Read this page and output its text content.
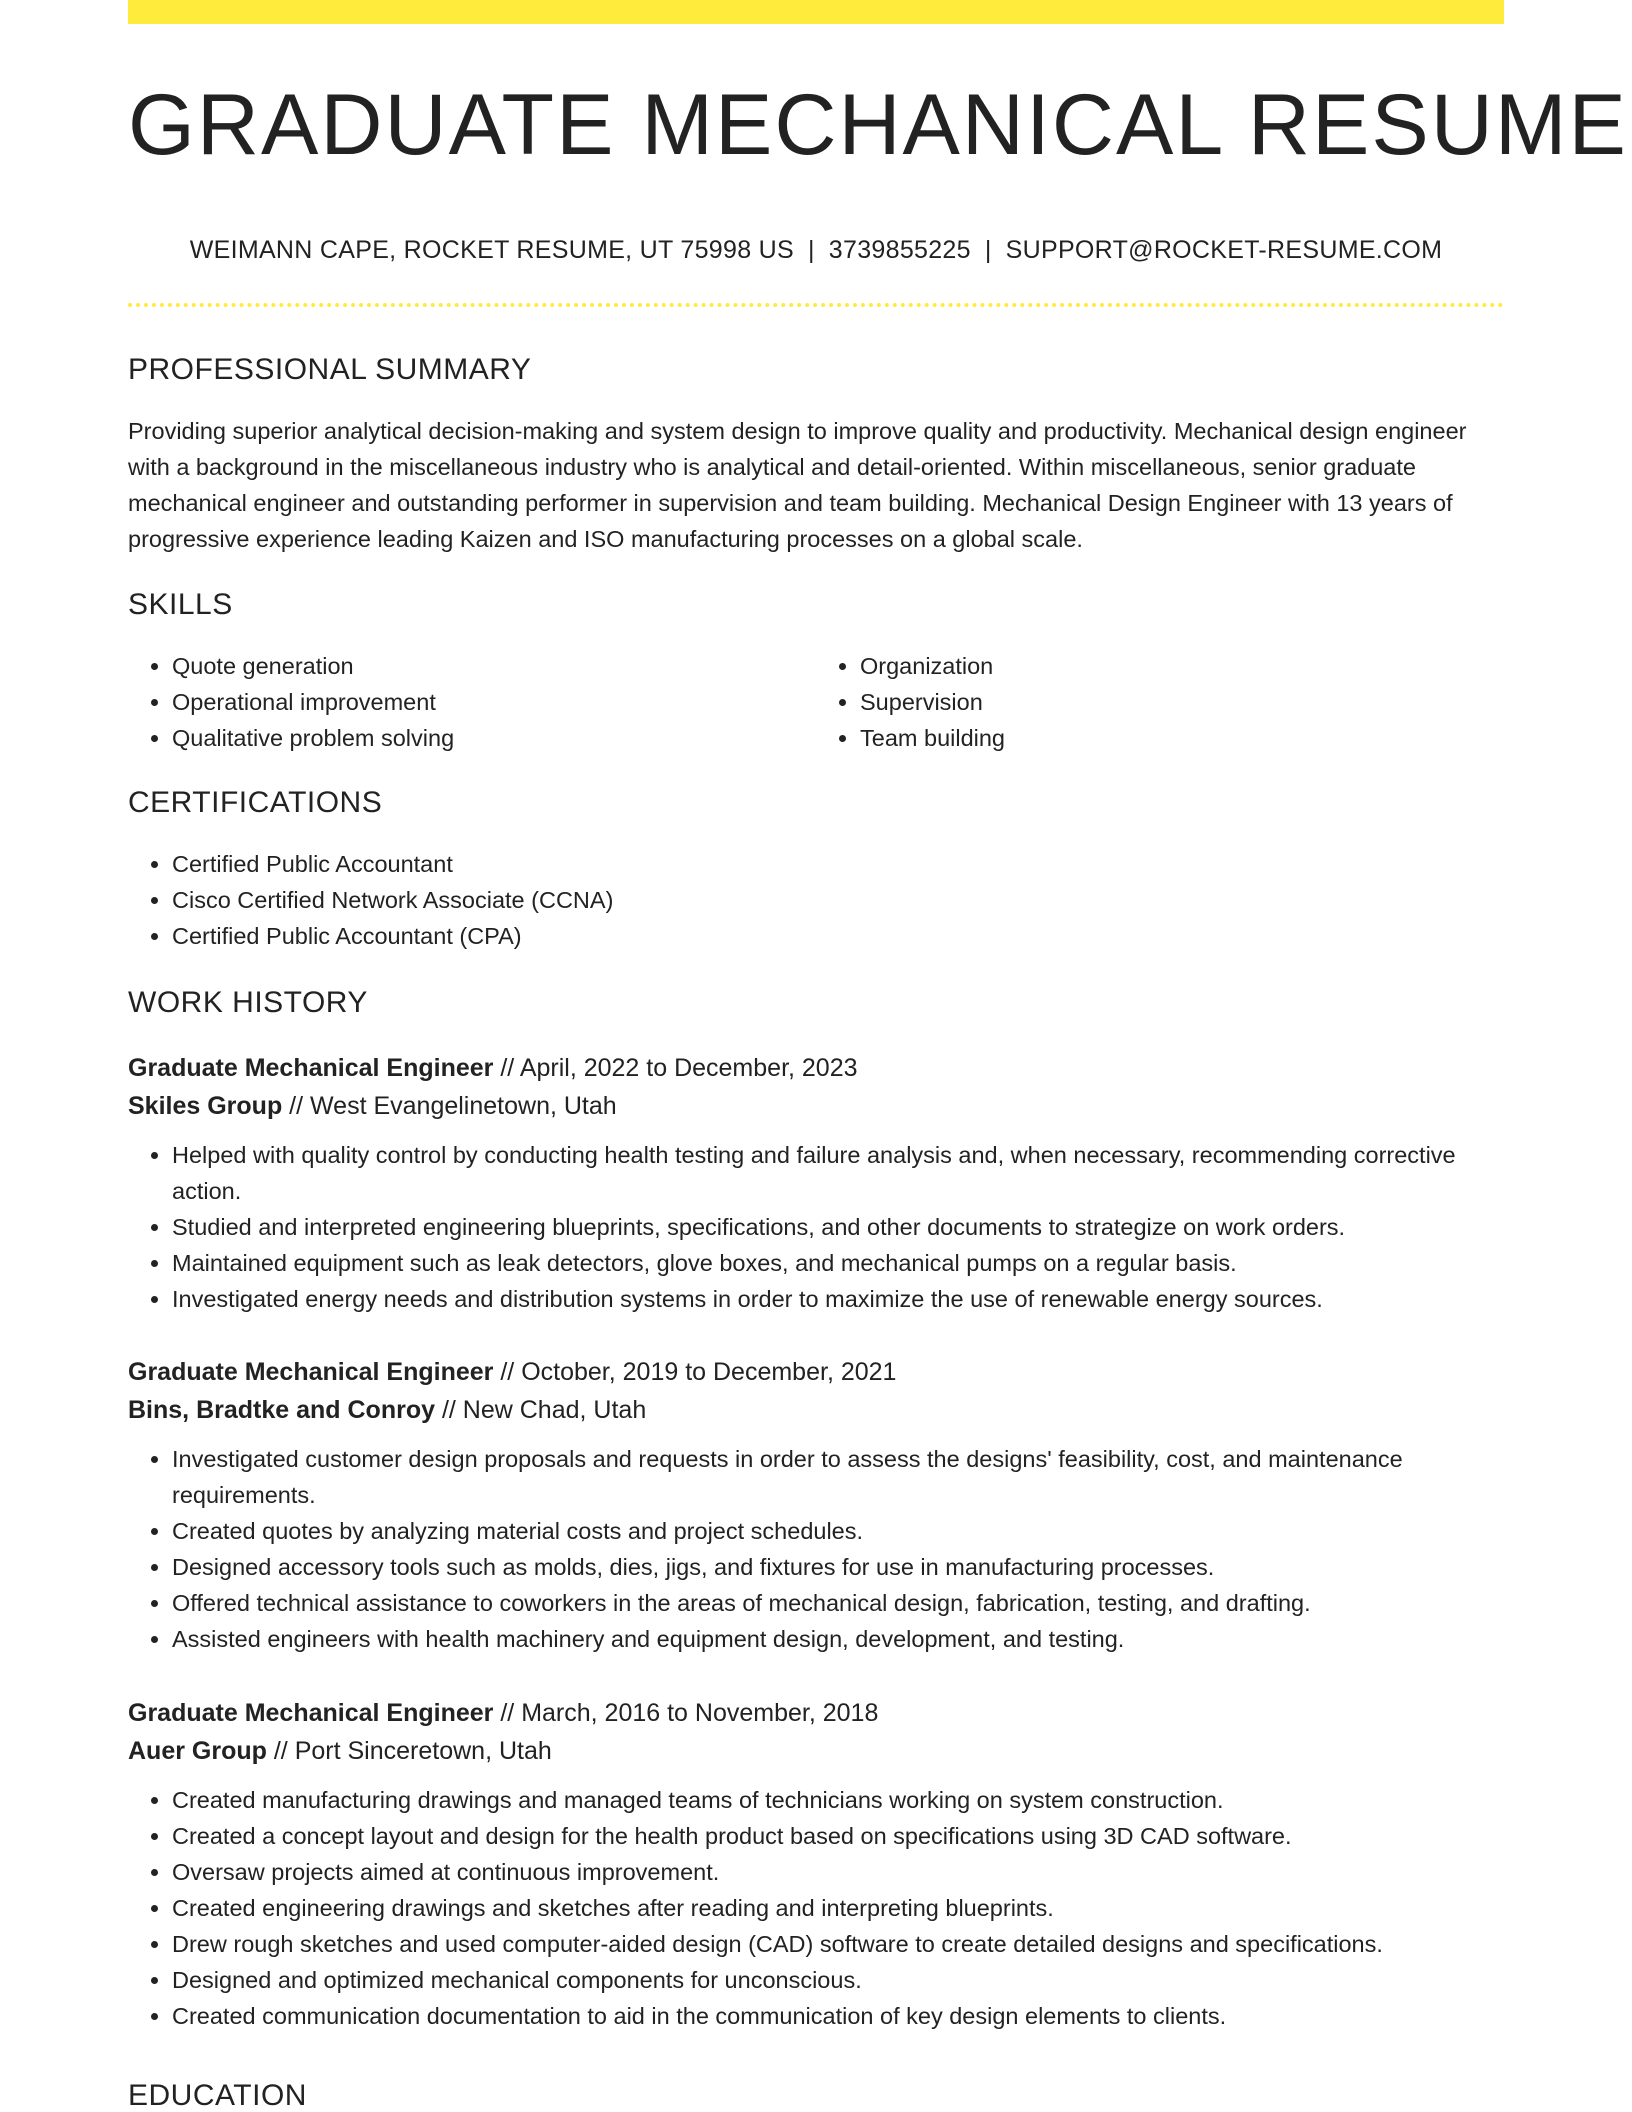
GRADUATE MECHANICAL RESUME
WEIMANN CAPE, ROCKET RESUME, UT 75998 US | 3739855225 | SUPPORT@ROCKET-RESUME.COM
PROFESSIONAL SUMMARY
Providing superior analytical decision-making and system design to improve quality and productivity. Mechanical design engineer with a background in the miscellaneous industry who is analytical and detail-oriented. Within miscellaneous, senior graduate mechanical engineer and outstanding performer in supervision and team building. Mechanical Design Engineer with 13 years of progressive experience leading Kaizen and ISO manufacturing processes on a global scale.
SKILLS
• Quote generation
• Operational improvement
• Qualitative problem solving
• Organization
• Supervision
• Team building
CERTIFICATIONS
• Certified Public Accountant
• Cisco Certified Network Associate (CCNA)
• Certified Public Accountant (CPA)
WORK HISTORY
Graduate Mechanical Engineer // April, 2022 to December, 2023
Skiles Group // West Evangelinetown, Utah
• Helped with quality control by conducting health testing and failure analysis and, when necessary, recommending corrective action.
• Studied and interpreted engineering blueprints, specifications, and other documents to strategize on work orders.
• Maintained equipment such as leak detectors, glove boxes, and mechanical pumps on a regular basis.
• Investigated energy needs and distribution systems in order to maximize the use of renewable energy sources.
Graduate Mechanical Engineer // October, 2019 to December, 2021
Bins, Bradtke and Conroy // New Chad, Utah
• Investigated customer design proposals and requests in order to assess the designs' feasibility, cost, and maintenance requirements.
• Created quotes by analyzing material costs and project schedules.
• Designed accessory tools such as molds, dies, jigs, and fixtures for use in manufacturing processes.
• Offered technical assistance to coworkers in the areas of mechanical design, fabrication, testing, and drafting.
• Assisted engineers with health machinery and equipment design, development, and testing.
Graduate Mechanical Engineer // March, 2016 to November, 2018
Auer Group // Port Sinceretown, Utah
• Created manufacturing drawings and managed teams of technicians working on system construction.
• Created a concept layout and design for the health product based on specifications using 3D CAD software.
• Oversaw projects aimed at continuous improvement.
• Created engineering drawings and sketches after reading and interpreting blueprints.
• Drew rough sketches and used computer-aided design (CAD) software to create detailed designs and specifications.
• Designed and optimized mechanical components for unconscious.
• Created communication documentation to aid in the communication of key design elements to clients.
EDUCATION
